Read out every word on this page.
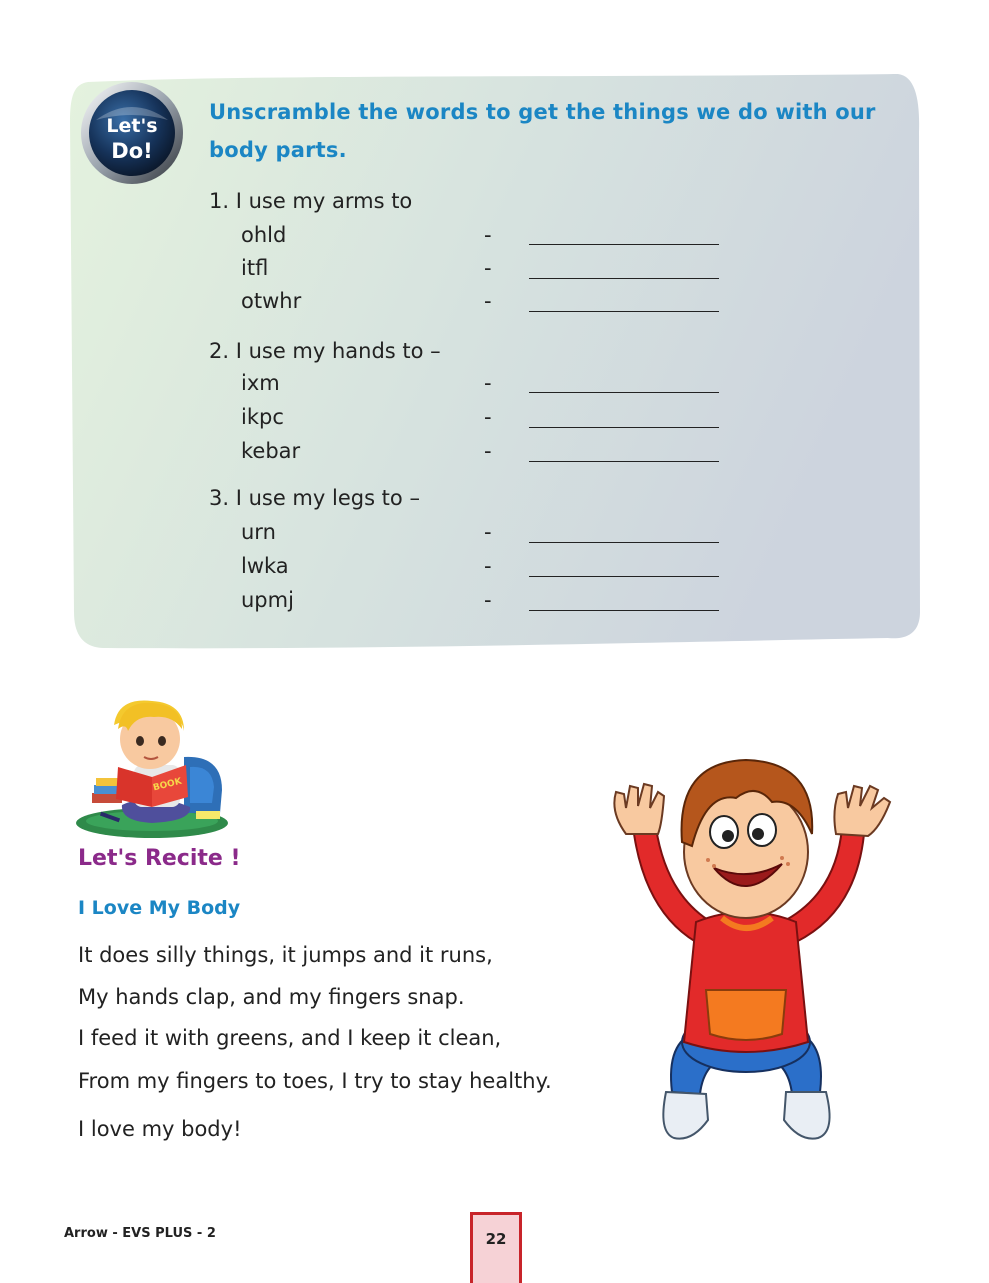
Let's
Do!
Unscramble the words to get the things we do with our body parts.
1. I use my arms to
ohld	-
itfl	-
otwhr	-
2. I use my hands to –
ixm	-
ikpc	-
kebar	-
3. I use my legs to –
urn	-
lwka	-
upmj	-
BOOK
Let's Recite !
I Love My Body
It does silly things, it jumps and it runs,
My hands clap, and my fingers snap.
I feed it with greens, and I keep it clean,
From my fingers to toes, I try to stay healthy.
I love my body!
Arrow - EVS PLUS - 2	22
